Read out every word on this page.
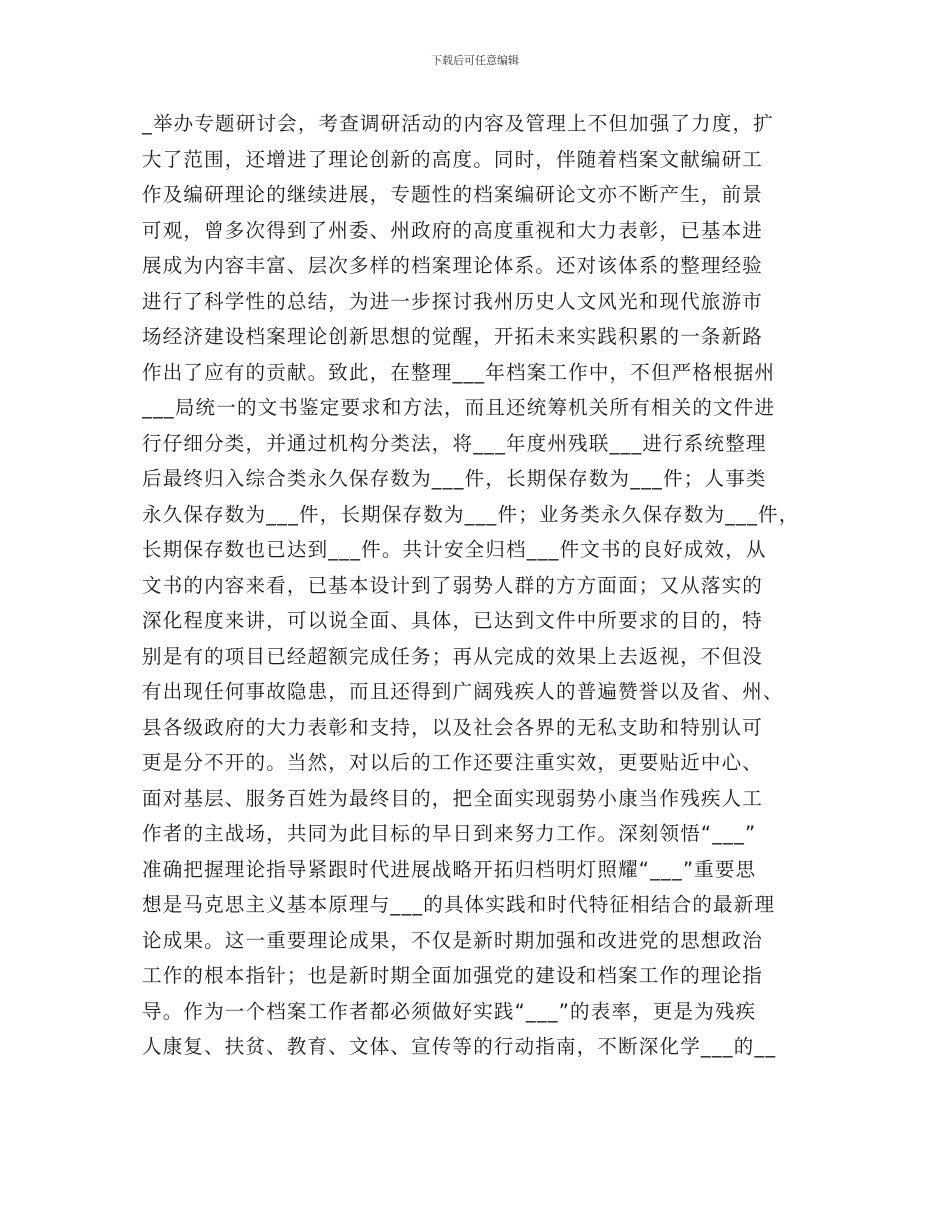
下载后可任意编辑
_举办专题研讨会，考查调研活动的内容及管理上不但加强了力度，扩
大了范围，还增进了理论创新的高度。同时，伴随着档案文献编研工
作及编研理论的继续进展，专题性的档案编研论文亦不断产生，前景
可观，曾多次得到了州委、州政府的高度重视和大力表彰，已基本进
展成为内容丰富、层次多样的档案理论体系。还对该体系的整理经验
进行了科学性的总结，为进一步探讨我州历史人文风光和现代旅游市
场经济建设档案理论创新思想的觉醒，开拓未来实践积累的一条新路
作出了应有的贡献。致此，在整理___年档案工作中，不但严格根据州
___局统一的文书鉴定要求和方法，而且还统筹机关所有相关的文件进
行仔细分类，并通过机构分类法，将___年度州残联___进行系统整理
后最终归入综合类永久保存数为___件，长期保存数为___件；人事类
永久保存数为___件，长期保存数为___件；业务类永久保存数为___件，
长期保存数也已达到___件。共计安全归档___件文书的良好成效，从
文书的内容来看，已基本设计到了弱势人群的方方面面；又从落实的
深化程度来讲，可以说全面、具体，已达到文件中所要求的目的，特
别是有的项目已经超额完成任务；再从完成的效果上去返视，不但没
有出现任何事故隐患，而且还得到广阔残疾人的普遍赞誉以及省、州、
县各级政府的大力表彰和支持，以及社会各界的无私支助和特别认可
更是分不开的。当然，对以后的工作还要注重实效，更要贴近中心、
面对基层、服务百姓为最终目的，把全面实现弱势小康当作残疾人工
作者的主战场，共同为此目标的早日到来努力工作。深刻领悟“___”
准确把握理论指导紧跟时代进展战略开拓归档明灯照耀“___”重要思
想是马克思主义基本原理与___的具体实践和时代特征相结合的最新理
论成果。这一重要理论成果，不仅是新时期加强和改进党的思想政治
工作的根本指针；也是新时期全面加强党的建设和档案工作的理论指
导。作为一个档案工作者都必须做好实践“___”的表率，更是为残疾
人康复、扶贫、教育、文体、宣传等的行动指南，不断深化学___的__
